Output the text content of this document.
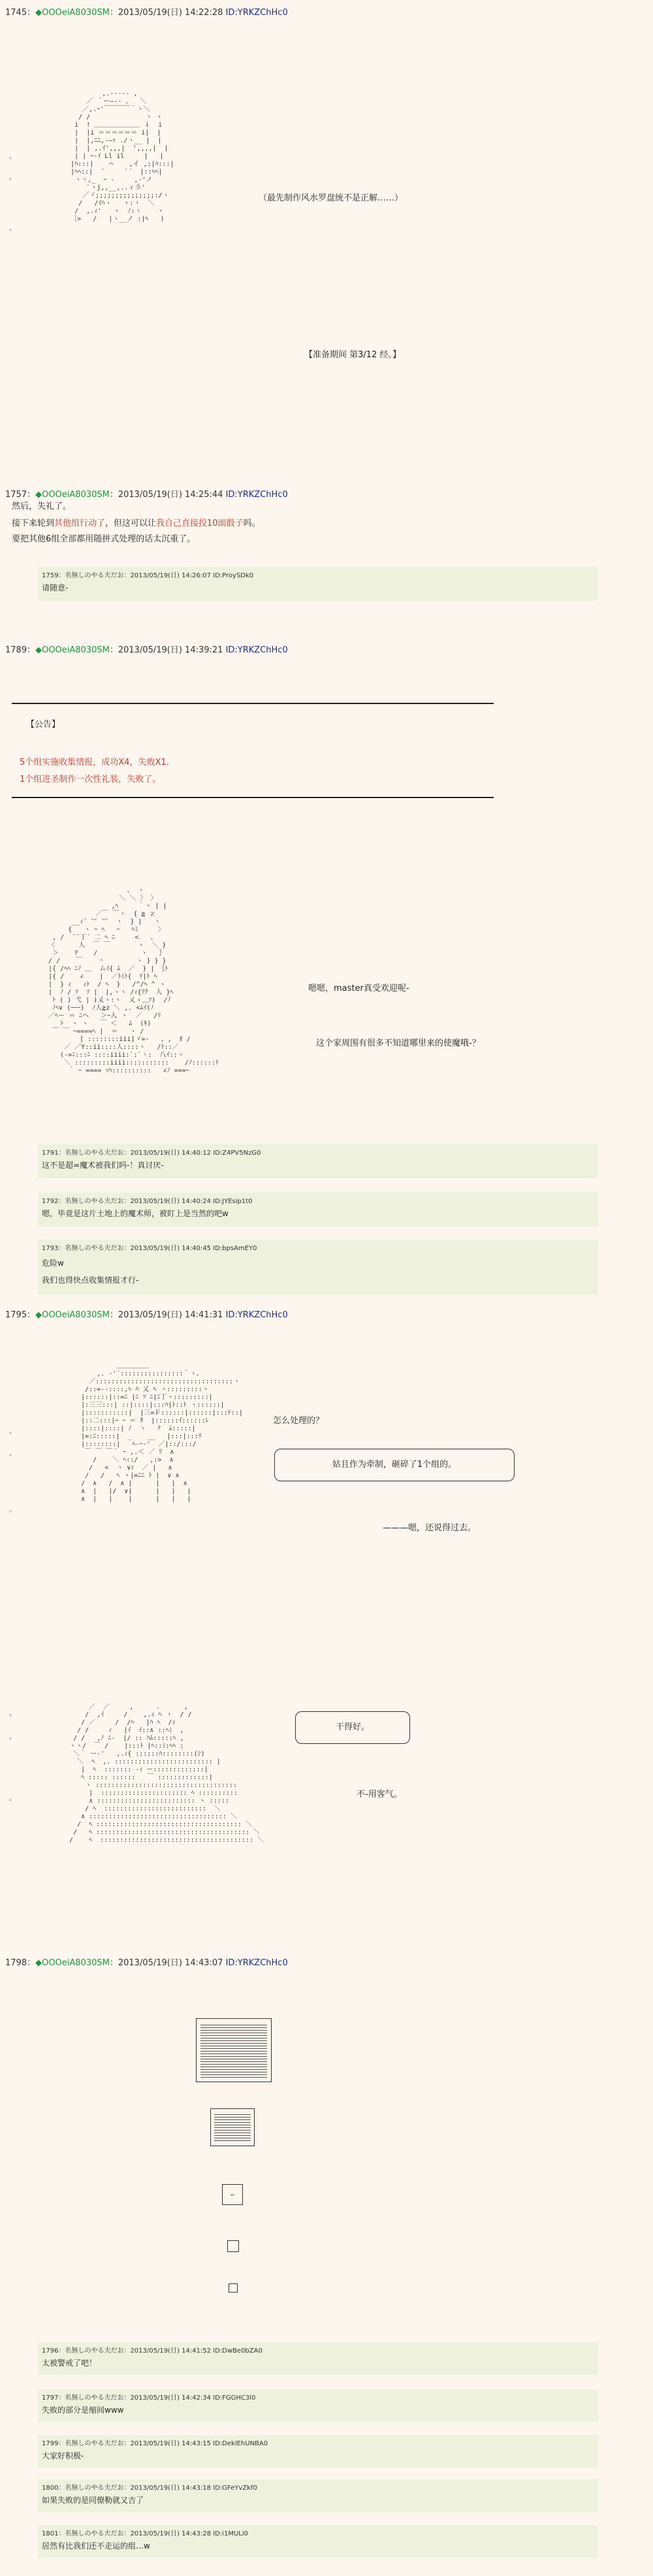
1745：◆OOOeiA8030SM：2013/05/19(日) 14:22:28 ID:YRKZChHc0
,.----- ,
／ ｀ー―-- 、  ＼
／,.ｰ'￣￣￣￣｀ヽ＼
/ /              ヽ ヽ
i  ! ＿＿＿＿＿＿＿ ｉ  i
|  |i ＝＝＝＝＝＝ i|  |
|  |,ﾆﾆ,-―ｧ ./ヽ__ |  |
|  | ,.ｲ',,,|  ',,,,|  |
| | ｰ-ｲ Ll il     |   |
|ﾊ:::|    ⌒    ,イ ,:|ﾊ:::|
|ﾍﾍ::|  ´     `´  |::ﾍﾍ|
ヽヽ,_  ｰ ‐     ,-'ノ
`ヽj,,__,..ィ彡'
／ヾ;;;;;;;;;;;;;;;:/ヽ
/   /ｲﾊヽ   ヽ:ヽ  ＼
/  ,.ｨ'   ヽ  ﾉ:ヽ    ヽ
〔>   /   |ヽ__ノ :|ﾍ   )

（最先制作风水罗盘统不是正解……）
【准备期间 第3/12 经。】
1757：◆OOOeiA8030SM：2013/05/19(日) 14:25:44 ID:YRKZChHc0
然后，失礼了。
接下来轮到其他组行动了，但这可以让我自己直接投10面骰子吗。
要把其他6组全部都用随拼式处理的话太沉重了。
1759：名無しのやる夫だお：2013/05/19(日) 14:26:07 ID:ProySDk0
请随意-
1789：◆OOOeiA8030SM：2013/05/19(日) 14:39:21 ID:YRKZChHc0
【公告】
5个组实施收集情报，成功X4，失败X1.
1个组进圣制作一次性礼装，失败了。
、 ヽ
＼ ＼ 〉 〉
,ﾍ     ｀ヽ | |
／￣ ￣ヽ  { ≧ ｚ
__ｨ´ ︶ ︶  ヽ  } |   ヽ
{   ヽ ｰ ﾍ   ｰ   ﾍﾐ     〉
, /  ¨¨丁´ 二 ﾍ ﾆ     <   、
〈      人  ￣ ￣       ヽ  ＼ }
＞    ｦ    /           ヽ   ｝
/ /    ￣    ＾        ヽ } } }
|{ /ﾍﾍ ﾆﾉ ＿  ムｲ{ ﾑ  ／  } | ｛ﾄ
|{ /    ∠    |  ／ﾄﾐﾄ{  ﾘ|ﾄ ﾍ
|  } ｨ   ｨﾄ  / ﾍ  }   /^/ﾍ ^ ヽ
|  ﾉ / ｿ  ｿ |  |,ヽヽ /ｨ{ﾘｸ  人 }ﾍ
ﾄ ( ) 弋 | )乂ヽ:ヽ  乂ゝ＿ｿ)  /ﾉ
ﾉﾍ∨ (ｰｰｰ)  ﾉ人≧z ＼ ,. <ﾑｲ(ﾉ
／ﾍー ＝ ﾆヘ   ＞ｰ入 ヽ  ／   /ﾘ
ﾄ  ヽ ヽ   ￣ ＜   ﾑ  (ｷ)
￣ ￣ ｰ====ﾍ |  ＝   ヽ /
[ ::::::::iii]ゞ=‐   。,  ｵ /
／ ／Y::ii::::人::::ヽ   /ﾄ::／
(‐=ﾆ:::ﾆ ::::iiii:`:`ヽ:  八ｲ::ヽ
＼ :::::::::iiii:::::::::::    /ﾉ::::::ﾄ
｀ ｰ ==== ｯﾊ::::::::::   ∠ﾉ ===ｰ

嗯嗯，master真受欢迎呢-
这个家周围有很多不知道哪里来的使魔哦-？
1791：名無しのやる夫だお：2013/05/19(日) 14:40:12 ID:Z4PV5NzG0
这不是超=魔术被我们吗-！真讨厌-
1792：名無しのやる夫だお：2013/05/19(日) 14:40:24 ID:JYEsip1t0
嗯，毕竟是这片土地上的魔术师，被盯上是当然的吧w
1793：名無しのやる夫だお：2013/05/19(日) 14:40:45 ID:bpsAmEY0
危险w
我们也得快点收集情报才行-
1795：◆OOOeiA8030SM：2013/05/19(日) 14:41:31 ID:YRKZChHc0
＿＿＿＿＿
,. ‐'´::::::::::::::::｀ヽ、
／:::::::::::::::::::::::::::::::::::ヽ
/::=‐-::::,ﾍ ﾊ 乂 ﾍ ヽ:::::::::ヽ
|::::::|::=ﾆ |ﾆ ｿ ﾆ|ﾆ丁ヽ:::::::::|
|:三三:::| ::|::::|:::ﾊ|ﾄ::ﾄ ヽ::::::|
|:::::::::::|  |三=Ｆ::::::|::::::|:::ﾄ::|
|::二:::|ｰ ｰ ＝ ﾀ  |::::::ｲ::::::ﾚ
|::::|::::| ﾉ  ヽ   ﾅ  ﾑ:::::|
|=:ﾆ:::::|  _    __   |:::|:::ﾘ
|::::::::|   ﾍ‐ｰ-'  ／|::/:::/
￣ ￣ ￣｀ ｰ ,.＜ ／ ﾘ  ∧
/    ＼ ﾍ::/   ,:>  ∧
/   <  ヽ ∨ｨ  ／ |   ∧
/   /   ﾍ ヽ|=ﾆﾆ ﾄ |  ∨ ∧
/  ∧   /  ∧ |      |   |  ∧
∧  |   |/  ∨|      |   |   |
∧  |   |    |      |   |   |

怎么处理的？
姑且作为牵制，砸碎了1个组的。
———嗯，还说得过去。
／  ／     ,      ､      ,
/  ,ｲ     /    ,.ｨ ﾍ ヽ  / /
/ ／     /  /ﾍ   |ﾊ ﾍ  /ｨ
/ /     ｨ   |ｲ  ｲ::∧ ::ﾍﾐ  ,
/ /   ,ﾉ ﾆ-  |/ :: ﾊﾑ:::::ﾍ ,
ヽヽ/  ￣ /    |:::ﾄ |ﾍ::ﾐ:ﾍﾍ :
＼｀ ー-'   ,.ｨ{ ::::::ﾊ::::::::(ｼ)
＼  ﾍ  ,. ::::::::::::::::::::::::: |
|  ﾍ  ::::::: -ｨ ー:::::::::::::|
ﾍ ::::: ::::::   ￣ :::::::::::::|
ヽ ::::::::::::::::::::::::::::::::::::
|  :::::::::::::::::::::: ﾍ ::::::::::
∧ ::::::::::::::::::::::::: ヽ :::::
/ ﾍ  ::::::::::::::::::::::::::  ＼
∧ ::::::::::::::::::::::::::::::::::: ＼
/  ﾍ ::::::::::::::::::::::::::::::::::::: ＼
/   ﾍ ::::::::::::::::::::::::::::::::::::::: ＼
/    ﾍ  ::::::::::::::::::::::::::::::::::::::: ＼

干得好。
不-用客气。
1798：◆OOOeiA8030SM：2013/05/19(日) 14:43:07 ID:YRKZChHc0
1796：名無しのやる夫だお：2013/05/19(日) 14:41:52 ID:DwBe0bZA0
太被警戒了吧！
1797：名無しのやる夫だお：2013/05/19(日) 14:42:34 ID:FGGHC3l0
失败的部分是缩间www
1799：名無しのやる夫だお：2013/05/19(日) 14:43:15 ID:DeklEhUNBA0
大家好积极-
1800：名無しのやる夫だお：2013/05/19(日) 14:43:18 ID:GFeYvZkf0
如果失败的是同僚勒就又吉了
1801：名無しのやる夫だお：2013/05/19(日) 14:43:28 ID:i1MULi0
居然有比我们还不走运的组…w
